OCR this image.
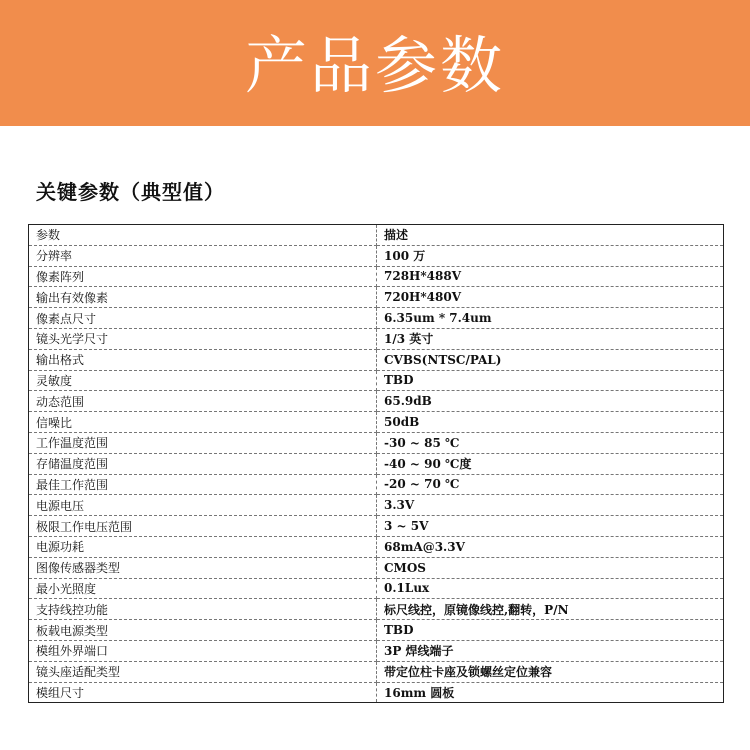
产品参数
关键参数（典型值）
参数	描述
分辨率	100 万
像素阵列	728H*488V
输出有效像素	720H*480V
像素点尺寸	6.35um * 7.4um
镜头光学尺寸	1/3 英寸
输出格式	CVBS(NTSC/PAL)
灵敏度	TBD
动态范围	65.9dB
信噪比	50dB
工作温度范围	-30 ~ 85 ℃
存储温度范围	-40 ~ 90 ℃度
最佳工作范围	-20 ~ 70 ℃
电源电压	3.3V
极限工作电压范围	3 ~ 5V
电源功耗	68mA@3.3V
图像传感器类型	CMOS
最小光照度	0.1Lux
支持线控功能	标尺线控，原镜像线控,翻转，P/N
板载电源类型	TBD
模组外界端口	3P 焊线端子
镜头座适配类型	带定位柱卡座及锁螺丝定位兼容
模组尺寸	16mm 圆板
